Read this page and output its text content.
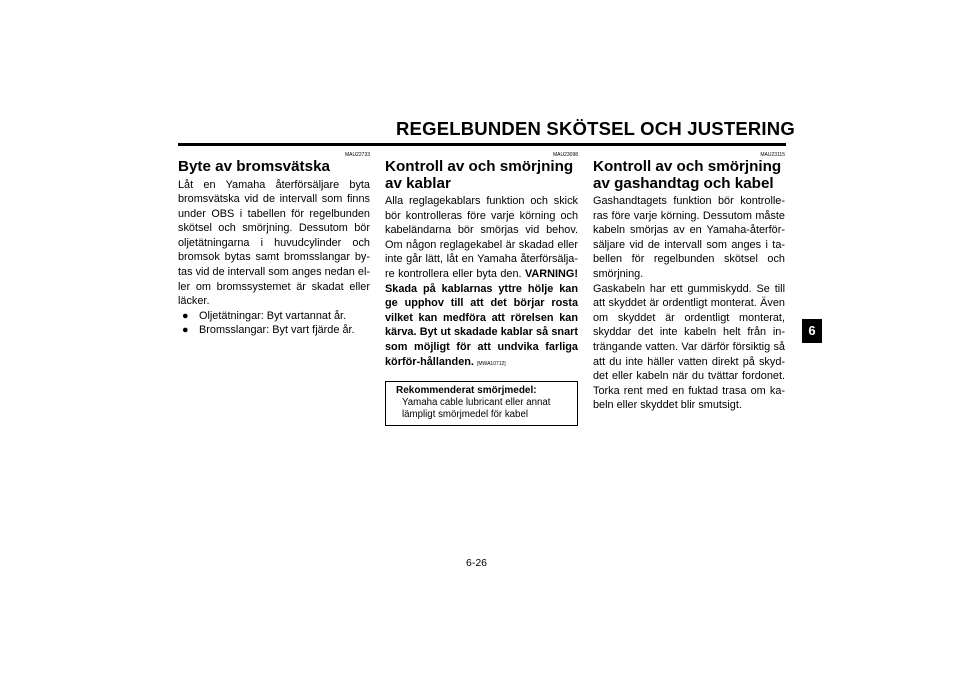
REGELBUNDEN SKÖTSEL OCH JUSTERING
MAU22733
Byte av bromsvätska

Låt en Yamaha återförsäljare byta bromsvätska vid de intervall som finns under OBS i tabellen för regelbunden skötsel och smörjning. Dessutom bör oljetätningarna i huvudcylinder och bromsok bytas samt bromsslangar by-tas vid de intervall som anges nedan el-ler om bromssystemet är skadat eller läcker.

● Oljetätningar: Byt vartannat år.
● Bromsslangar: Byt vart fjärde år.
MAU23098
Kontroll av och smörjning av kablar

Alla reglagekablars funktion och skick bör kontrolleras före varje körning och kabeländarna bör smörjas vid behov. Om någon reglagekabel är skadad eller inte går lätt, låt en Yamaha återförsälja-re kontrollera eller byta den. VARNING! Skada på kablarnas yttre hölje kan ge upphov till att det börjar rosta vilket kan medföra att rörelsen kan kärva. Byt ut skadade kablar så snart som möjligt för att undvika farliga körför-hållanden. [MWA10712]

Rekommenderat smörjmedel:
Yamaha cable lubricant eller annat lämpligt smörjmedel för kabel
MAU23115
Kontroll av och smörjning av gashandtag och kabel

Gashandtagets funktion bör kontrolle-ras före varje körning. Dessutom måste kabeln smörjas av en Yamaha-återför-säljare vid de intervall som anges i ta-bellen för regelbunden skötsel och smörjning.

Gaskabeln har ett gummiskydd. Se till att skyddet är ordentligt monterat. Även om skyddet är ordentligt monterat, skyddar det inte kabeln helt från in-trängande vatten. Var därför försiktig så att du inte häller vatten direkt på skyd-det eller kabeln när du tvättar fordonet. Torka rent med en fuktad trasa om ka-beln eller skyddet blir smutsigt.

6
6-26
